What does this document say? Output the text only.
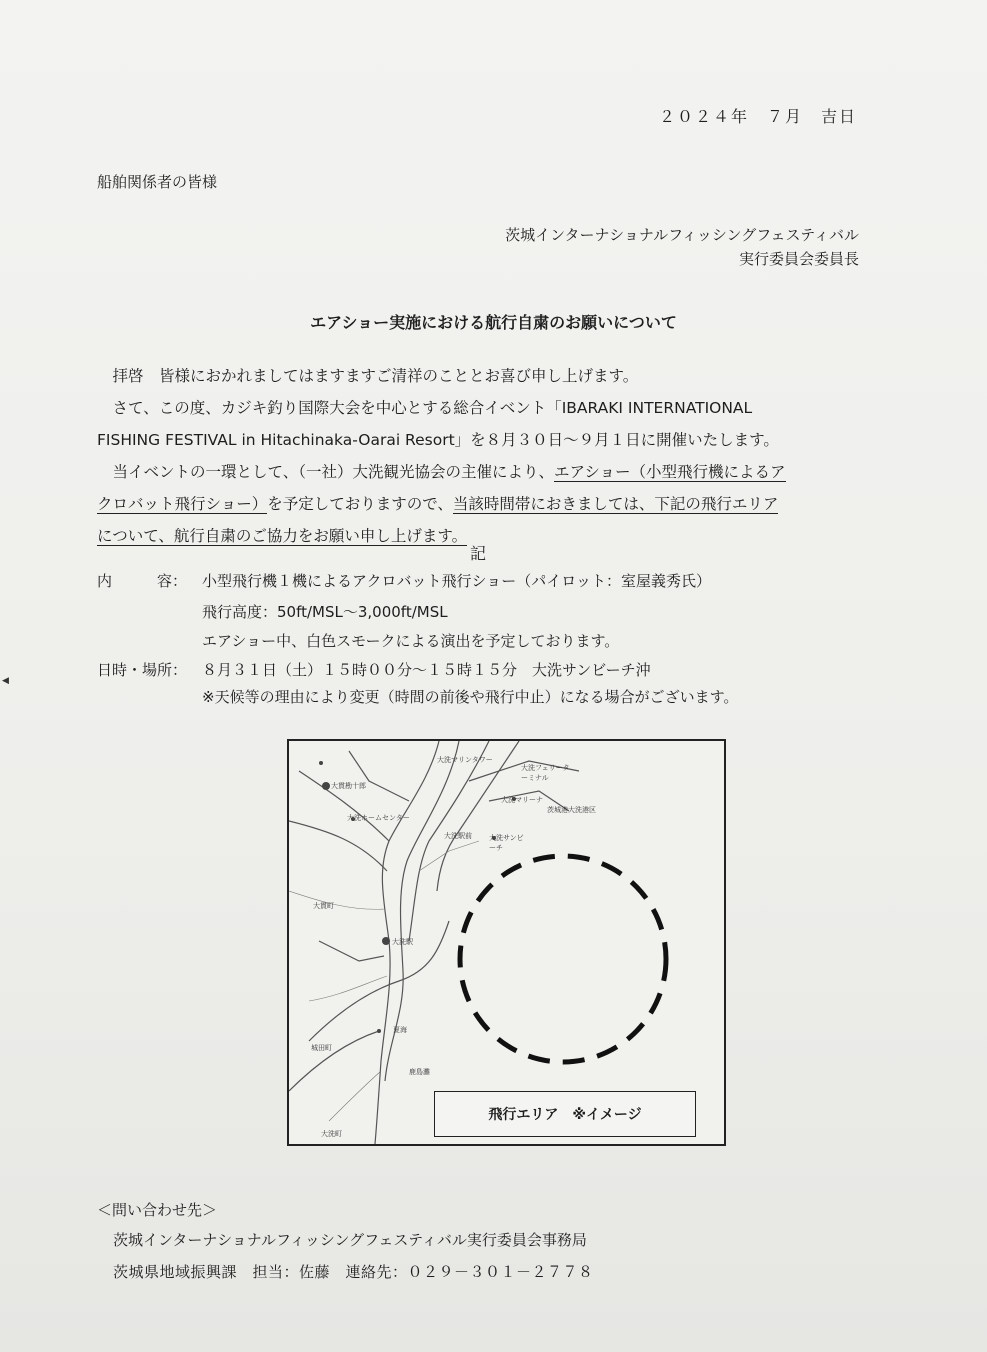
◀
２０２４年　７月　吉日
船舶関係者の皆様
茨城インターナショナルフィッシングフェスティバル
実行委員会委員長
エアショー実施における航行自粛のお願いについて
　拝啓　皆様におかれましてはますますご清祥のこととお喜び申し上げます。
　さて、この度、カジキ釣り国際大会を中心とする総合イベント「IBARAKI INTERNATIONAL
FISHING FESTIVAL in Hitachinaka-Oarai Resort」を８月３０日～９月１日に開催いたします。
　当イベントの一環として、（一社）大洗観光協会の主催により、エアショー（小型飛行機によるア
クロバット飛行ショー）を予定しておりますので、当該時間帯におきましては、下記の飛行エリア
について、航行自粛のご協力をお願い申し上げます。
記
内　　　容： 小型飛行機１機によるアクロバット飛行ショー（パイロット：室屋義秀氏）
飛行高度：50ft/MSL～3,000ft/MSL
エアショー中、白色スモークによる演出を予定しております。
日時・場所： ８月３１日（土）１５時００分～１５時１５分　大洗サンビーチ沖
※天候等の理由により変更（時間の前後や飛行中止）になる場合がございます。
大洗マリンタワー
大洗フェリーターミナル
大洗マリーナ
茨城港大洗港区
大洗サンビーチ
大洗駅
大洗町
大貫町
鹿島灘
城田町
夏海
大洗駅前
大貫勘十郎
大洗ホームセンター
飛行エリア　※イメージ
＜問い合わせ先＞
茨城インターナショナルフィッシングフェスティバル実行委員会事務局
茨城県地域振興課　担当：佐藤　連絡先：０２９－３０１－２７７８
